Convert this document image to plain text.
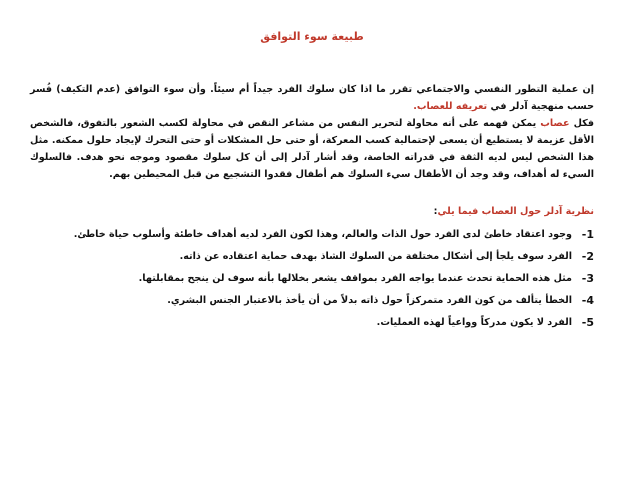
طبيعة سوء التوافق

إن عملية التطور النفسي والاجتماعي تقرر ما اذا كان سلوك الفرد جيداً أم سيئاً. وأن سوء التوافق (عدم التكيف) فُسر حسب منهجية آدلر في تعريفه للعصاب.

فكل عصاب يمكن فهمه على أنه محاولة لتحرير النفس من مشاعر النقص في محاولة لكسب الشعور بالتفوق، فالشخص الأقل عزيمة لا يستطيع أن يسعى لإحتمالية كسب المعركة، أو حتى حل المشكلات أو حتى التحرك لإيجاد حلول ممكنه. مثل هذا الشخص ليس لديه الثقة في قدراته الخاصة، وقد أشار آدلر إلى أن كل سلوك مقصود وموجه نحو هدف. فالسلوك السيء له أهداف، وقد وجد أن الأطفال سيء السلوك هم أطفال فقدوا التشجيع من قبل المحيطين بهم.

نظرية آدلر حول العصاب فيما يلي:
1-
وجود اعتقاد خاطئ لدى الفرد حول الذات والعالم، وهذا لكون الفرد لديه أهداف خاطئة وأسلوب حياة خاطئ.
2-
الفرد سوف يلجأ إلى أشكال مختلفة من السلوك الشاذ بهدف حماية اعتقاده عن ذاته.
3-
مثل هذه الحماية تحدث عندما يواجه الفرد بمواقف يشعر بخلالها بأنه سوف لن ينجح بمقابلتها.
4-
الخطأ يتألف من كون الفرد متمركزاً حول ذاته بدلاً من أن يأخذ بالاعتبار الجنس البشري.
5-
الفرد لا يكون مدركاً وواعياً لهذه العمليات.
